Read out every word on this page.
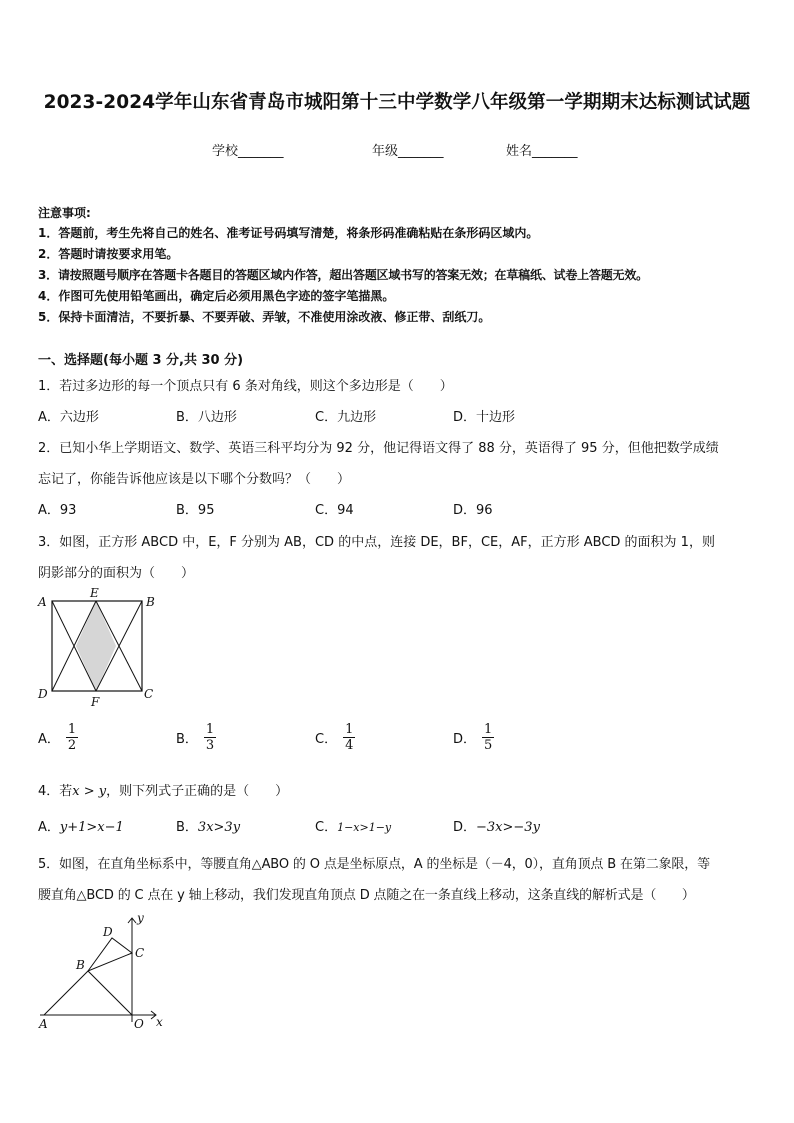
2023-2024学年山东省青岛市城阳第十三中学数学八年级第一学期期末达标测试试题
学校_______	年级_______	姓名_______
注意事项:
1．答题前，考生先将自己的姓名、准考证号码填写清楚，将条形码准确粘贴在条形码区域内。
2．答题时请按要求用笔。
3．请按照题号顺序在答题卡各题目的答题区域内作答，超出答题区域书写的答案无效；在草稿纸、试卷上答题无效。
4．作图可先使用铅笔画出，确定后必须用黑色字迹的签字笔描黑。
5．保持卡面清洁，不要折暴、不要弄破、弄皱，不准使用涂改液、修正带、刮纸刀。
一、选择题(每小题 3 分,共 30 分)
1．若过多边形的每一个顶点只有 6 条对角线，则这个多边形是（　　）
A．六边形	B．八边形	C．九边形	D．十边形
2．已知小华上学期语文、数学、英语三科平均分为 92 分，他记得语文得了 88 分，英语得了 95 分，但他把数学成绩
忘记了，你能告诉他应该是以下哪个分数吗？（　　）
A．93	B．95	C．94	D．96
3．如图，正方形 ABCD 中，E，F 分别为 AB，CD 的中点，连接 DE，BF，CE，AF，正方形 ABCD 的面积为 1，则
阴影部分的面积为（　　）
A
E
B
D
F
C
A． $\frac{1}{2}$	B． $\frac{1}{3}$	C． $\frac{1}{4}$	D． $\frac{1}{5}$
4．若x > y，则下列式子正确的是（　　）
A．y+1>x−1	B．3x>3y	C．1−x>1−y	D．−3x>−3y
5．如图，在直角坐标系中，等腰直角△ABO 的 O 点是坐标原点，A 的坐标是（－4，0），直角顶点 B 在第二象限，等
腰直角△BCD 的 C 点在 y 轴上移动，我们发现直角顶点 D 点随之在一条直线上移动，这条直线的解析式是（　　）
D
C
B
A	O x
y
